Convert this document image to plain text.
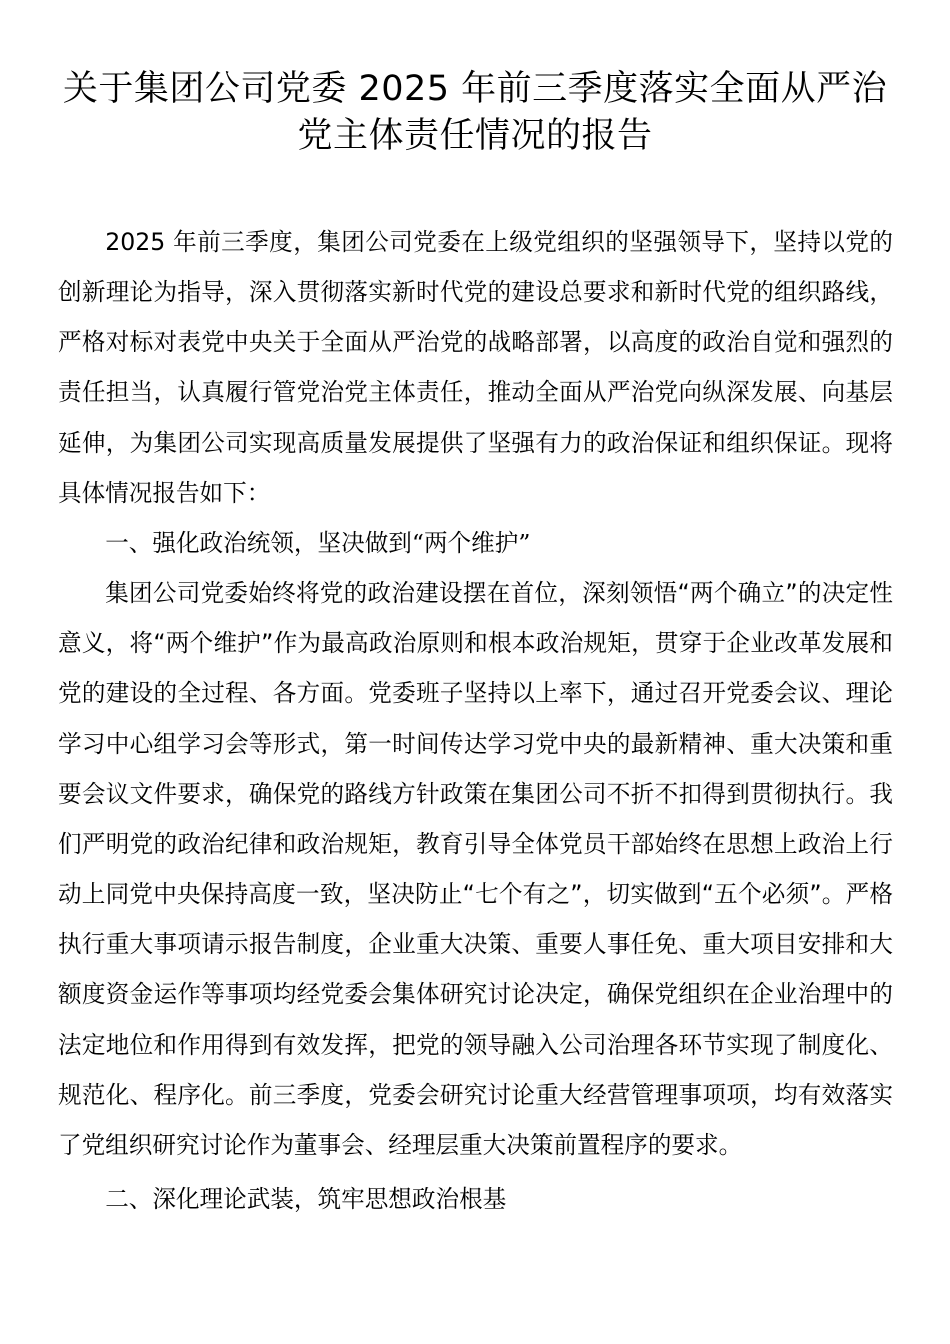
关于集团公司党委 2025 年前三季度落实全面从严治党主体责任情况的报告

2025 年前三季度，集团公司党委在上级党组织的坚强领导下，坚持以党的创新理论为指导，深入贯彻落实新时代党的建设总要求和新时代党的组织路线，严格对标对表党中央关于全面从严治党的战略部署，以高度的政治自觉和强烈的责任担当，认真履行管党治党主体责任，推动全面从严治党向纵深发展、向基层延伸，为集团公司实现高质量发展提供了坚强有力的政治保证和组织保证。现将具体情况报告如下：

一、强化政治统领，坚决做到“两个维护”

集团公司党委始终将党的政治建设摆在首位，深刻领悟“两个确立”的决定性意义，将“两个维护”作为最高政治原则和根本政治规矩，贯穿于企业改革发展和党的建设的全过程、各方面。党委班子坚持以上率下，通过召开党委会议、理论学习中心组学习会等形式，第一时间传达学习党中央的最新精神、重大决策和重要会议文件要求，确保党的路线方针政策在集团公司不折不扣得到贯彻执行。我们严明党的政治纪律和政治规矩，教育引导全体党员干部始终在思想上政治上行动上同党中央保持高度一致，坚决防止“七个有之”，切实做到“五个必须”。严格执行重大事项请示报告制度，企业重大决策、重要人事任免、重大项目安排和大额度资金运作等事项均经党委会集体研究讨论决定，确保党组织在企业治理中的法定地位和作用得到有效发挥，把党的领导融入公司治理各环节实现了制度化、规范化、程序化。前三季度，党委会研究讨论重大经营管理事项项，均有效落实了党组织研究讨论作为董事会、经理层重大决策前置程序的要求。

二、深化理论武装，筑牢思想政治根基
